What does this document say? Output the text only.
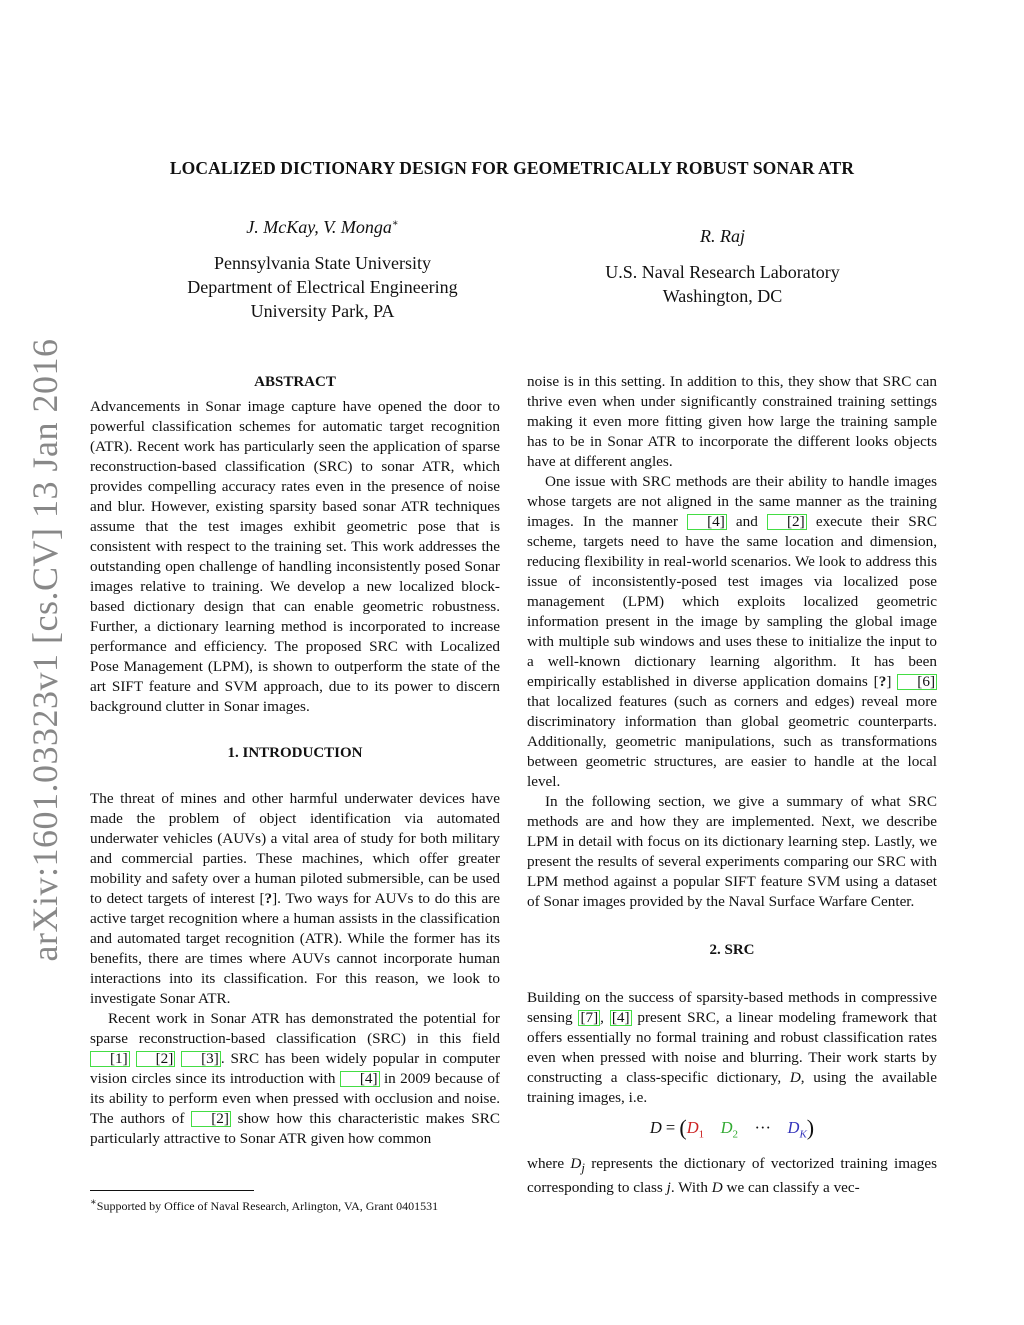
LOCALIZED DICTIONARY DESIGN FOR GEOMETRICALLY ROBUST SONAR ATR
J. McKay, V. Monga∗
Pennsylvania State University
Department of Electrical Engineering
University Park, PA
R. Raj
U.S. Naval Research Laboratory
Washington, DC
arXiv:1601.03323v1 [cs.CV] 13 Jan 2016	ABSTRACT

Advancements in Sonar image capture have opened the door to powerful classification schemes for automatic target recognition (ATR). Recent work has particularly seen the application of sparse reconstruction-based classification (SRC) to sonar ATR, which provides compelling accuracy rates even in the presence of noise and blur. However, existing sparsity based sonar ATR techniques assume that the test images exhibit geometric pose that is consistent with respect to the training set. This work addresses the outstanding open challenge of handling inconsistently posed Sonar images relative to training. We develop a new localized block-based dictionary design that can enable geometric robustness. Further, a dictionary learning method is incorporated to increase performance and efficiency. The proposed SRC with Localized Pose Management (LPM), is shown to outperform the state of the art SIFT feature and SVM approach, due to its power to discern background clutter in Sonar images.

1. INTRODUCTION

The threat of mines and other harmful underwater devices have made the problem of object identification via automated underwater vehicles (AUVs) a vital area of study for both military and commercial parties. These machines, which offer greater mobility and safety over a human piloted submersible, can be used to detect targets of interest [?]. Two ways for AUVs to do this are active target recognition where a human assists in the classification and automated target recognition (ATR). While the former has its benefits, there are times where AUVs cannot incorporate human interactions into its classification. For this reason, we look to investigate Sonar ATR.

Recent work in Sonar ATR has demonstrated the potential for sparse reconstruction-based classification (SRC) in this field [1] [2] [3] . SRC has been widely popular in computer vision circles since its introduction with [4] in 2009 because of its ability to perform even when pressed with occlusion and noise. The authors of [2] show how this characteristic makes SRC particularly attractive to Sonar ATR given how common

∗Supported by Office of Naval Research, Arlington, VA, Grant 0401531

noise is in this setting. In addition to this, they show that SRC can thrive even when under significantly constrained training settings making it even more fitting given how large the training sample has to be in Sonar ATR to incorporate the different looks objects have at different angles.

One issue with SRC methods are their ability to handle images whose targets are not aligned in the same manner as the training images. In the manner [4] and [2] execute their SRC scheme, targets need to have the same location and dimension, reducing flexibility in real-world scenarios. We look to address this issue of inconsistently-posed test images via localized pose management (LPM) which exploits localized geometric information present in the image by sampling the global image with multiple sub windows and uses these to initialize the input to a well-known dictionary learning algorithm. It has been empirically established in diverse application domains [?] [6] that localized features (such as corners and edges) reveal more discriminatory information than global geometric counterparts. Additionally, geometric manipulations, such as transformations between geometric structures, are easier to handle at the local level.

In the following section, we give a summary of what SRC methods are and how they are implemented. Next, we describe LPM in detail with focus on its dictionary learning step. Lastly, we present the results of several experiments comparing our SRC with LPM method against a popular SIFT feature SVM using a dataset of Sonar images provided by the Naval Surface Warfare Center.

2. SRC

Building on the success of sparsity-based methods in compressive sensing [7] , [4] present SRC, a linear modeling framework that offers essentially no formal training and robust classification rates even when pressed with noise and blurring. Their work starts by constructing a class-specific dictionary, D, using the available training images, i.e.

$D = (D_1$ $D_2$ ··· $D_K$)

where $D_j$ represents the dictionary of vectorized training images corresponding to class j. With D we can classify a vec-
